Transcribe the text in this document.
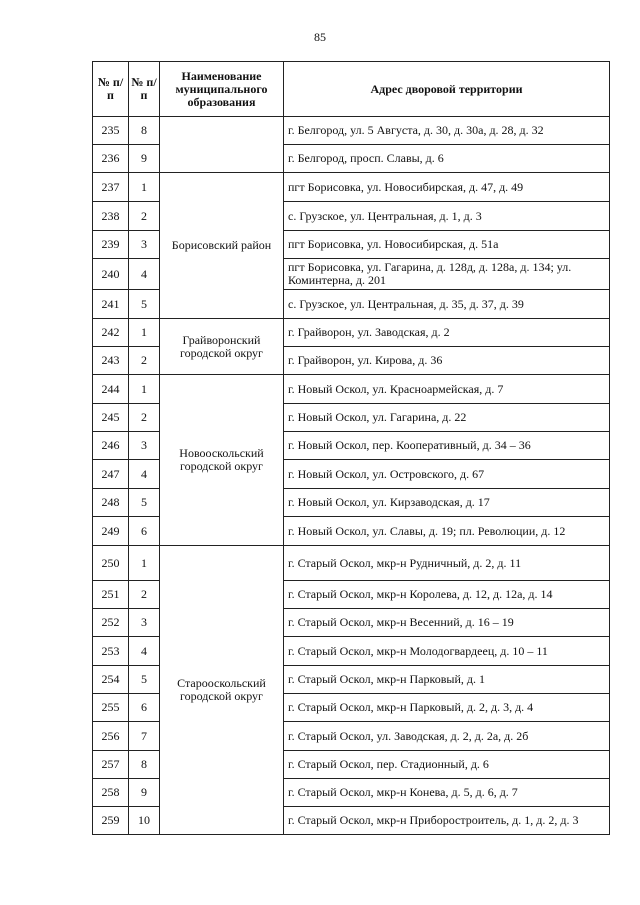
85
№ п/п	№ п/п	Наименование муниципального образования	Адрес дворовой территории
235	8		г. Белгород, ул. 5 Августа, д. 30, д. 30а, д. 28, д. 32
236	9		г. Белгород, просп. Славы, д. 6
237	1	Борисовский район	пгт Борисовка, ул. Новосибирская, д. 47, д. 49
238	2		с. Грузское, ул. Центральная, д. 1, д. 3
239	3		пгт Борисовка, ул. Новосибирская, д. 51а
240	4		пгт Борисовка, ул. Гагарина, д. 128д, д. 128а, д. 134; ул. Коминтерна, д. 201
241	5		с. Грузское, ул. Центральная, д. 35, д. 37, д. 39
242	1	Грайворонский городской округ	г. Грайворон, ул. Заводская, д. 2
243	2		г. Грайворон, ул. Кирова, д. 36
244	1	Новооскольский городской округ	г. Новый Оскол, ул. Красноармейская, д. 7
245	2		г. Новый Оскол, ул. Гагарина, д. 22
246	3		г. Новый Оскол, пер. Кооперативный, д. 34 – 36
247	4		г. Новый Оскол, ул. Островского, д. 67
248	5		г. Новый Оскол, ул. Кирзаводская, д. 17
249	6		г. Новый Оскол, ул. Славы, д. 19; пл. Революции, д. 12
250	1	Старооскольский городской округ	г. Старый Оскол, мкр-н Рудничный, д. 2, д. 11
251	2		г. Старый Оскол, мкр-н Королева, д. 12, д. 12а, д. 14
252	3		г. Старый Оскол, мкр-н Весенний, д. 16 – 19
253	4		г. Старый Оскол, мкр-н Молодогвардеец, д. 10 – 11
254	5		г. Старый Оскол, мкр-н Парковый, д. 1
255	6		г. Старый Оскол, мкр-н Парковый, д. 2, д. 3, д. 4
256	7		г. Старый Оскол, ул. Заводская, д. 2, д. 2а, д. 2б
257	8		г. Старый Оскол, пер. Стадионный, д. 6
258	9		г. Старый Оскол, мкр-н Конева, д. 5, д. 6, д. 7
259	10		г. Старый Оскол, мкр-н Приборостроитель, д. 1, д. 2, д. 3
